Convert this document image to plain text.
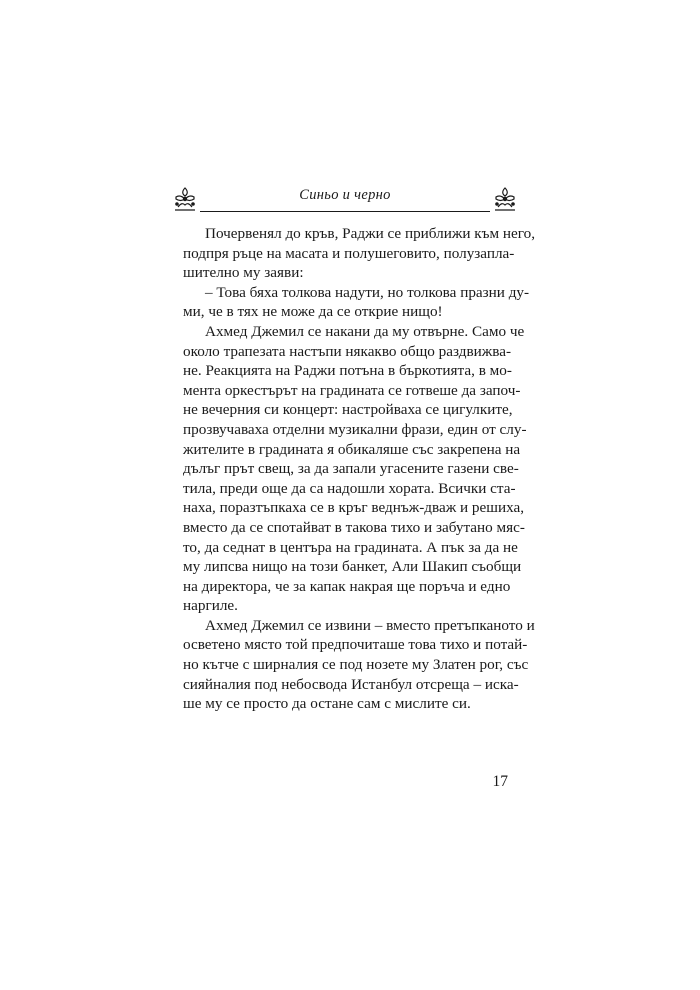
Синьо и черно
Почервенял до кръв, Раджи се приближи към него,
подпря ръце на масата и полушеговито, полузапла-
шително му заяви:
– Това бяха толкова надути, но толкова празни ду-
ми, че в тях не може да се открие нищо!
Ахмед Джемил се накани да му отвърне. Само че
около трапезата настъпи някакво общо раздвижва-
не. Реакцията на Раджи потъна в бъркотията, в мо-
мента оркестърът на градината се готвеше да започ-
не вечерния си концерт: настройваха се цигулките,
прозвучаваха отделни музикални фрази, един от слу-
жителите в градината я обикаляше със закрепена на
дълъг прът свещ, за да запали угасените газени све-
тила, преди още да са надошли хората. Всички ста-
наха, поразтъпкаха се в кръг веднъж-дваж и решиха,
вместо да се спотайват в такова тихо и забутано мяс-
то, да седнат в центъра на градината. А пък за да не
му липсва нищо на този банкет, Али Шакип съобщи
на директора, че за капак накрая ще поръча и едно
наргиле.
Ахмед Джемил се извини – вместо претъпканото и
осветено място той предпочиташе това тихо и потай-
но кътче с ширналия се под нозете му Златен рог, със
сияйналия под небосвода Истанбул отсреща – иска-
ше му се просто да остане сам с мислите си.
17
